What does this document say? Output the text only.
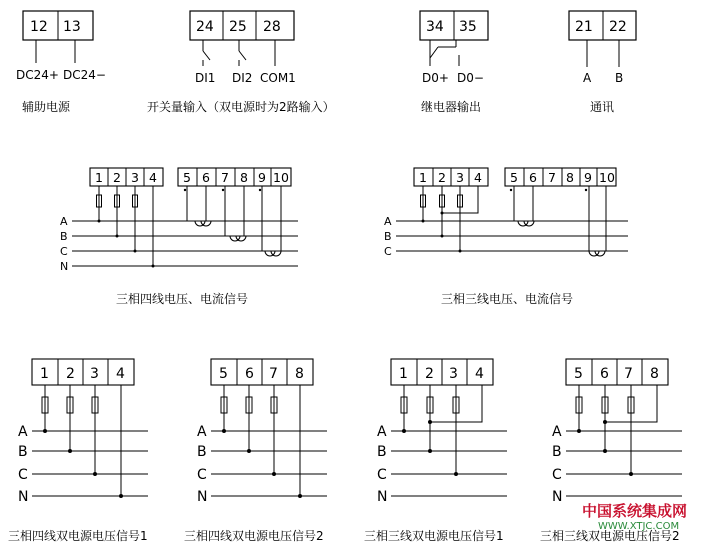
12 13
DC24+ DC24−
辅助电源
24 25 28
DI1 DI2 COM1
开关量输入（双电源时为2路输入）
34 35
D0+ D0−
继电器输出
21 22
A B
通讯
1 2 3 4 5 6 7 8 9 10
A
B
C
N
三相四线电压、电流信号
1 2 3 4 5 6 7 8 9 10
A
B
C
三相三线电压、电流信号
1 2 3 4
A
B
C
N
三相四线双电源电压信号1
5 6 7 8
A
B
C
N
三相四线双电源电压信号2
1 2 3 4
A
B
C
N
三相三线双电源电压信号1
5 6 7 8
A
B
C
N
三相三线双电源电压信号2
中国系统集成网
WWW.XTJC.COM
